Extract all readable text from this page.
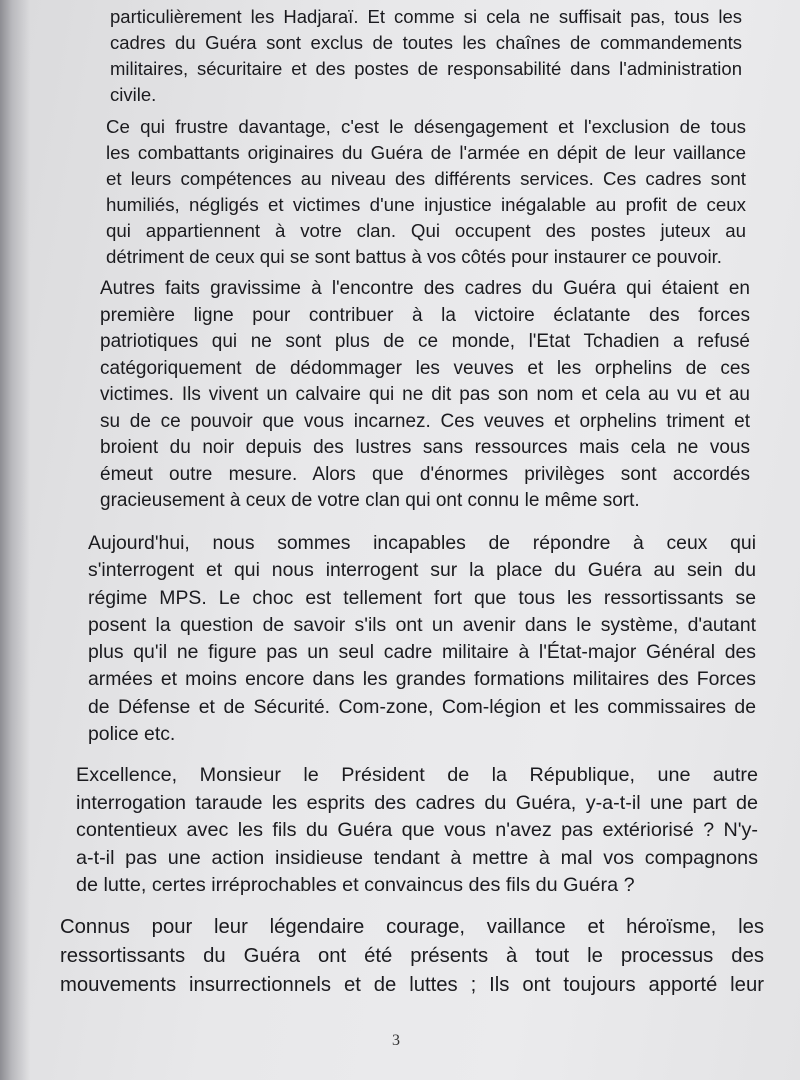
particulièrement les Hadjaraï. Et comme si cela ne suffisait pas, tous les
cadres du Guéra sont exclus de toutes les chaînes de commandements
militaires, sécuritaire et des postes de responsabilité dans l'administration
civile.
Ce qui frustre davantage, c'est le désengagement et l'exclusion de tous
les combattants originaires du Guéra de l'armée en dépit de leur vaillance
et leurs compétences au niveau des différents services. Ces cadres sont
humiliés, négligés et victimes d'une injustice inégalable au profit de ceux
qui appartiennent à votre clan. Qui occupent des postes juteux au
détriment de ceux qui se sont battus à vos côtés pour instaurer ce pouvoir.
Autres faits gravissime à l'encontre des cadres du Guéra qui étaient en
première ligne pour contribuer à la victoire éclatante des forces
patriotiques qui ne sont plus de ce monde, l'Etat Tchadien a refusé
catégoriquement de dédommager les veuves et les orphelins de ces
victimes. Ils vivent un calvaire qui ne dit pas son nom et cela au vu et au
su de ce pouvoir que vous incarnez. Ces veuves et orphelins triment et
broient du noir depuis des lustres sans ressources mais cela ne vous
émeut outre mesure. Alors que d'énormes privilèges sont accordés
gracieusement à ceux de votre clan qui ont connu le même sort.
Aujourd'hui, nous sommes incapables de répondre à ceux qui
s'interrogent et qui nous interrogent sur la place du Guéra au sein du
régime MPS. Le choc est tellement fort que tous les ressortissants se
posent la question de savoir s'ils ont un avenir dans le système, d'autant
plus qu'il ne figure pas un seul cadre militaire à l'État-major Général des
armées et moins encore dans les grandes formations militaires des Forces
de Défense et de Sécurité. Com-zone, Com-légion et les commissaires de
police etc.
Excellence, Monsieur le Président de la République, une autre
interrogation taraude les esprits des cadres du Guéra, y-a-t-il une part de
contentieux avec les fils du Guéra que vous n'avez pas extériorisé ? N'y-
a-t-il pas une action insidieuse tendant à mettre à mal vos compagnons
de lutte, certes irréprochables et convaincus des fils du Guéra ?
Connus pour leur légendaire courage, vaillance et héroïsme, les
ressortissants du Guéra ont été présents à tout le processus des
mouvements insurrectionnels et de luttes ; Ils ont toujours apporté leur
3
